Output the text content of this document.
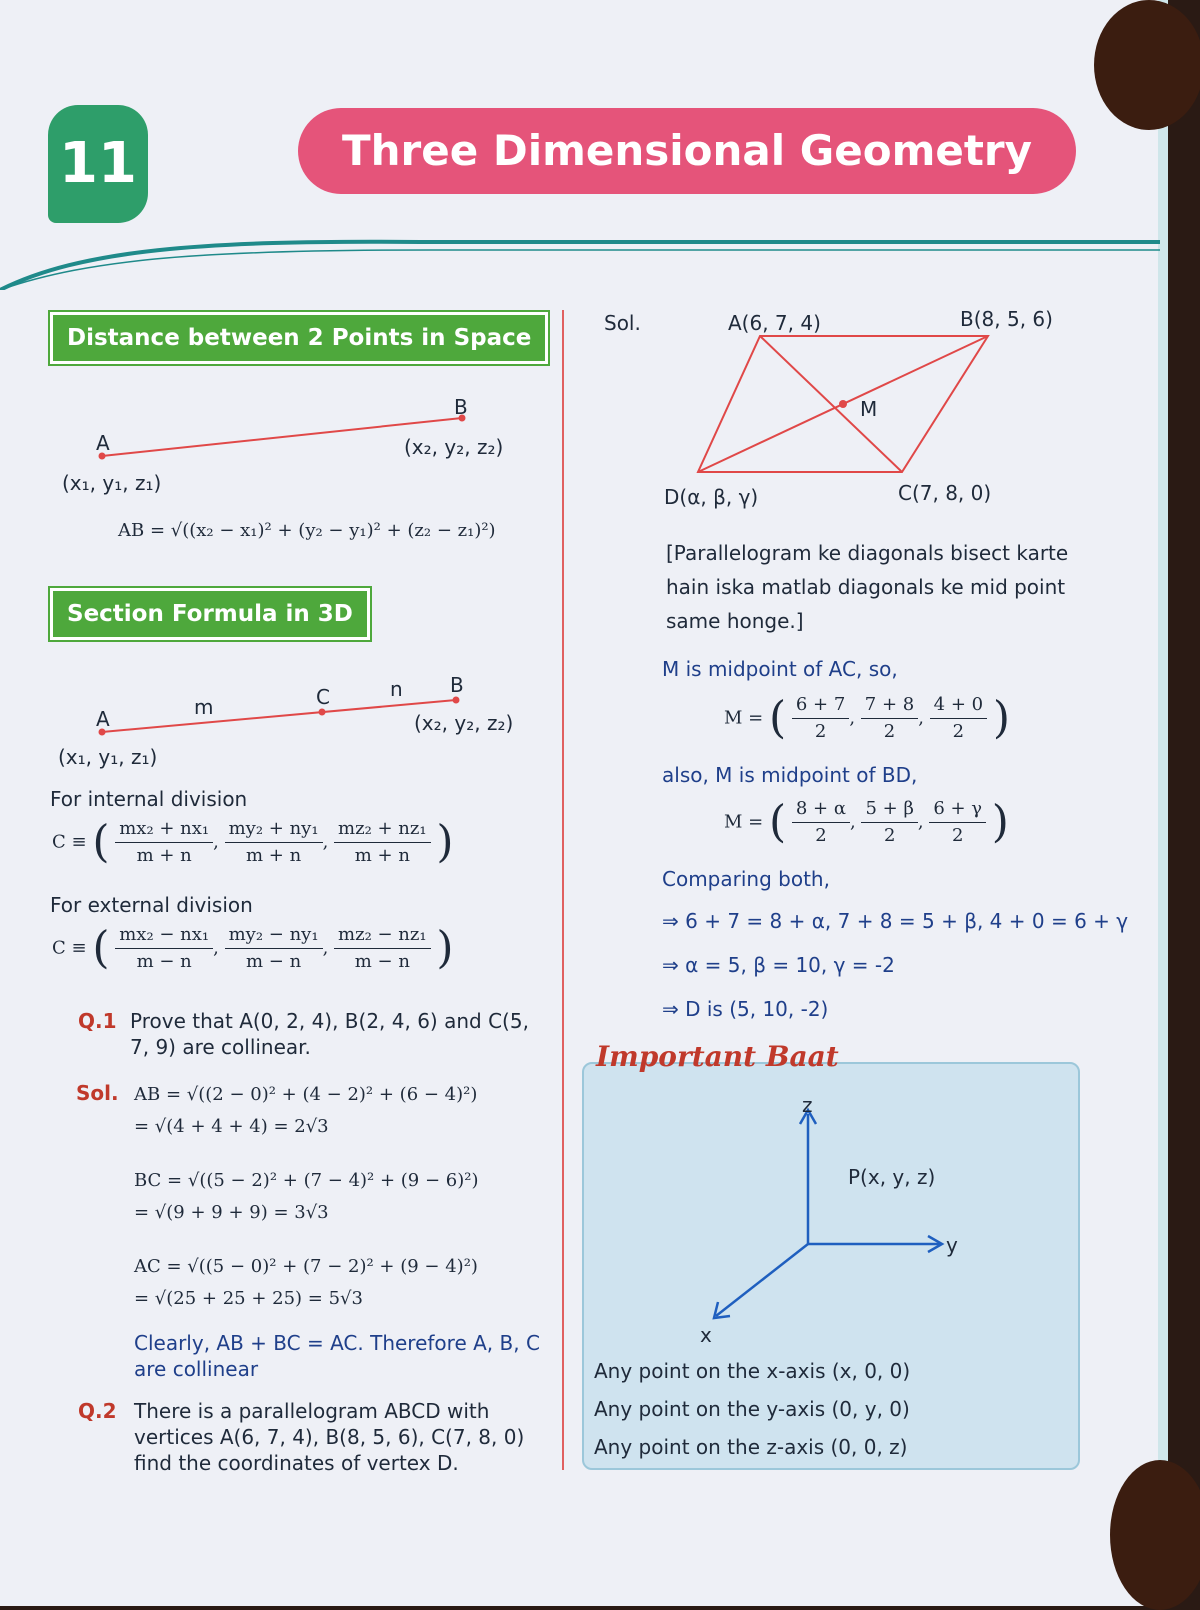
11	Three Dimensional Geometry
Distance between 2 Points in Space
A
B
(x₁, y₁, z₁)
(x₂, y₂, z₂)
AB = √((x₂ − x₁)² + (y₂ − y₁)² + (z₂ − z₁)²)
Section Formula in 3D
A	m	C	n B
(x₁, y₁, z₁)
(x₂, y₂, z₂)
For internal division
C ≡ ( $\frac{\text{mx₂ + nx₁}}{m + n}$ , $\frac{\text{my₂ + ny₁}}{m + n}$ , $\frac{\text{mz₂ + nz₁}}{m + n}$ )
For external division
C ≡ ( $\frac{\text{mx₂ − nx₁}}{m - n}$ , $\frac{\text{my₂ − ny₁}}{m - n}$ , $\frac{\text{mz₂ − nz₁}}{m - n}$ )
Q.1 Prove that A(0, 2, 4), B(2, 4, 6) and C(5,
7, 9) are collinear.
Sol. AB = √((2 − 0)² + (4 − 2)² + (6 − 4)²)
= √(4 + 4 + 4) = 2√3
BC = √((5 − 2)² + (7 − 4)² + (9 − 6)²)
= √(9 + 9 + 9) = 3√3
AC = √((5 − 0)² + (7 − 2)² + (9 − 4)²)
= √(25 + 25 + 25) = 5√3
Clearly, AB + BC = AC. Therefore A, B, C
are collinear
Q.2 There is a parallelogram ABCD with
vertices A(6, 7, 4), B(8, 5, 6), C(7, 8, 0)
find the coordinates of vertex D.
Sol.	A(6, 7, 4)	B(8, 5, 6)
M
D(α, β, γ)	C(7, 8, 0)
[Parallelogram ke diagonals bisect karte
hain iska matlab diagonals ke mid point
same honge.]
M is midpoint of AC, so,
M = ( $\frac{6 + 7}{2}$ , $\frac{7 + 8}{2}$ , $\frac{4 + 0}{2}$ )
also, M is midpoint of BD,
M = ( $\frac{8 + \alpha}{2}$ , $\frac{5 + \beta}{2}$ , $\frac{6 + \gamma}{2}$ )
Comparing both,
⇒ 6 + 7 = 8 + α, 7 + 8 = 5 + β, 4 + 0 = 6 + γ
⇒ α = 5, β = 10, γ = -2
⇒ D is (5, 10, -2)
Important Baat
z
y
x
P(x, y, z)
Any point on the x-axis (x, 0, 0)
Any point on the y-axis (0, y, 0)
Any point on the z-axis (0, 0, z)
